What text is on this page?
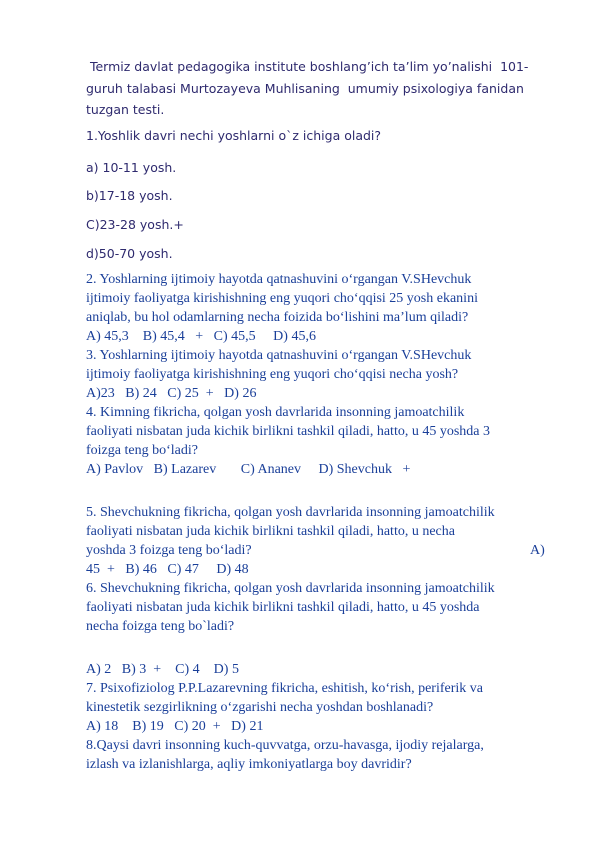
Termiz davlat pedagogika institute boshlang’ich ta’lim yo’nalishi  101-
guruh talabasi Murtozayeva Muhlisaning  umumiy psixologiya fanidan
tuzgan testi.
1.Yoshlik davri nechi yoshlarni o`z ichiga oladi?
a) 10-11 yosh.
b)17-18 yosh.
C)23-28 yosh.+
d)50-70 yosh.
2. Yoshlarning ijtimoiy hayotda qatnashuvini o‘rgangan V.SHevchuk
ijtimoiy faoliyatga kirishishning eng yuqori cho‘qqisi 25 yosh ekanini
aniqlab, bu hol odamlarning necha foizida bo‘lishini ma’lum qiladi?
A) 45,3    B) 45,4   +   C) 45,5     D) 45,6
3. Yoshlarning ijtimoiy hayotda qatnashuvini o‘rgangan V.SHevchuk
ijtimoiy faoliyatga kirishishning eng yuqori cho‘qqisi necha yosh?
A)23   B) 24   C) 25  +   D) 26
4. Kimning fikricha, qolgan yosh davrlarida insonning jamoatchilik
faoliyati nisbatan juda kichik birlikni tashkil qiladi, hatto, u 45 yoshda 3
foizga teng bo‘ladi?
A) Pavlov   B) Lazarev       C) Ananev     D) Shevchuk   +
5. Shevchukning fikricha, qolgan yosh davrlarida insonning jamoatchilik
faoliyati nisbatan juda kichik birlikni tashkil qiladi, hatto, u necha
yoshda 3 foizga teng bo‘ladi?	A)
45  +   B) 46   C) 47     D) 48
6. Shevchukning fikricha, qolgan yosh davrlarida insonning jamoatchilik
faoliyati nisbatan juda kichik birlikni tashkil qiladi, hatto, u 45 yoshda
necha foizga teng bo`ladi?
A) 2   B) 3  +    C) 4    D) 5
7. Psixofiziolog P.P.Lazarevning fikricha, eshitish, ko‘rish, periferik va
kinestetik sezgirlikning o‘zgarishi necha yoshdan boshlanadi?
A) 18    B) 19   C) 20  +   D) 21
8.Qaysi davri insonning kuch-quvvatga, orzu-havasga, ijodiy rejalarga,
izlash va izlanishlarga, aqliy imkoniyatlarga boy davridir?
